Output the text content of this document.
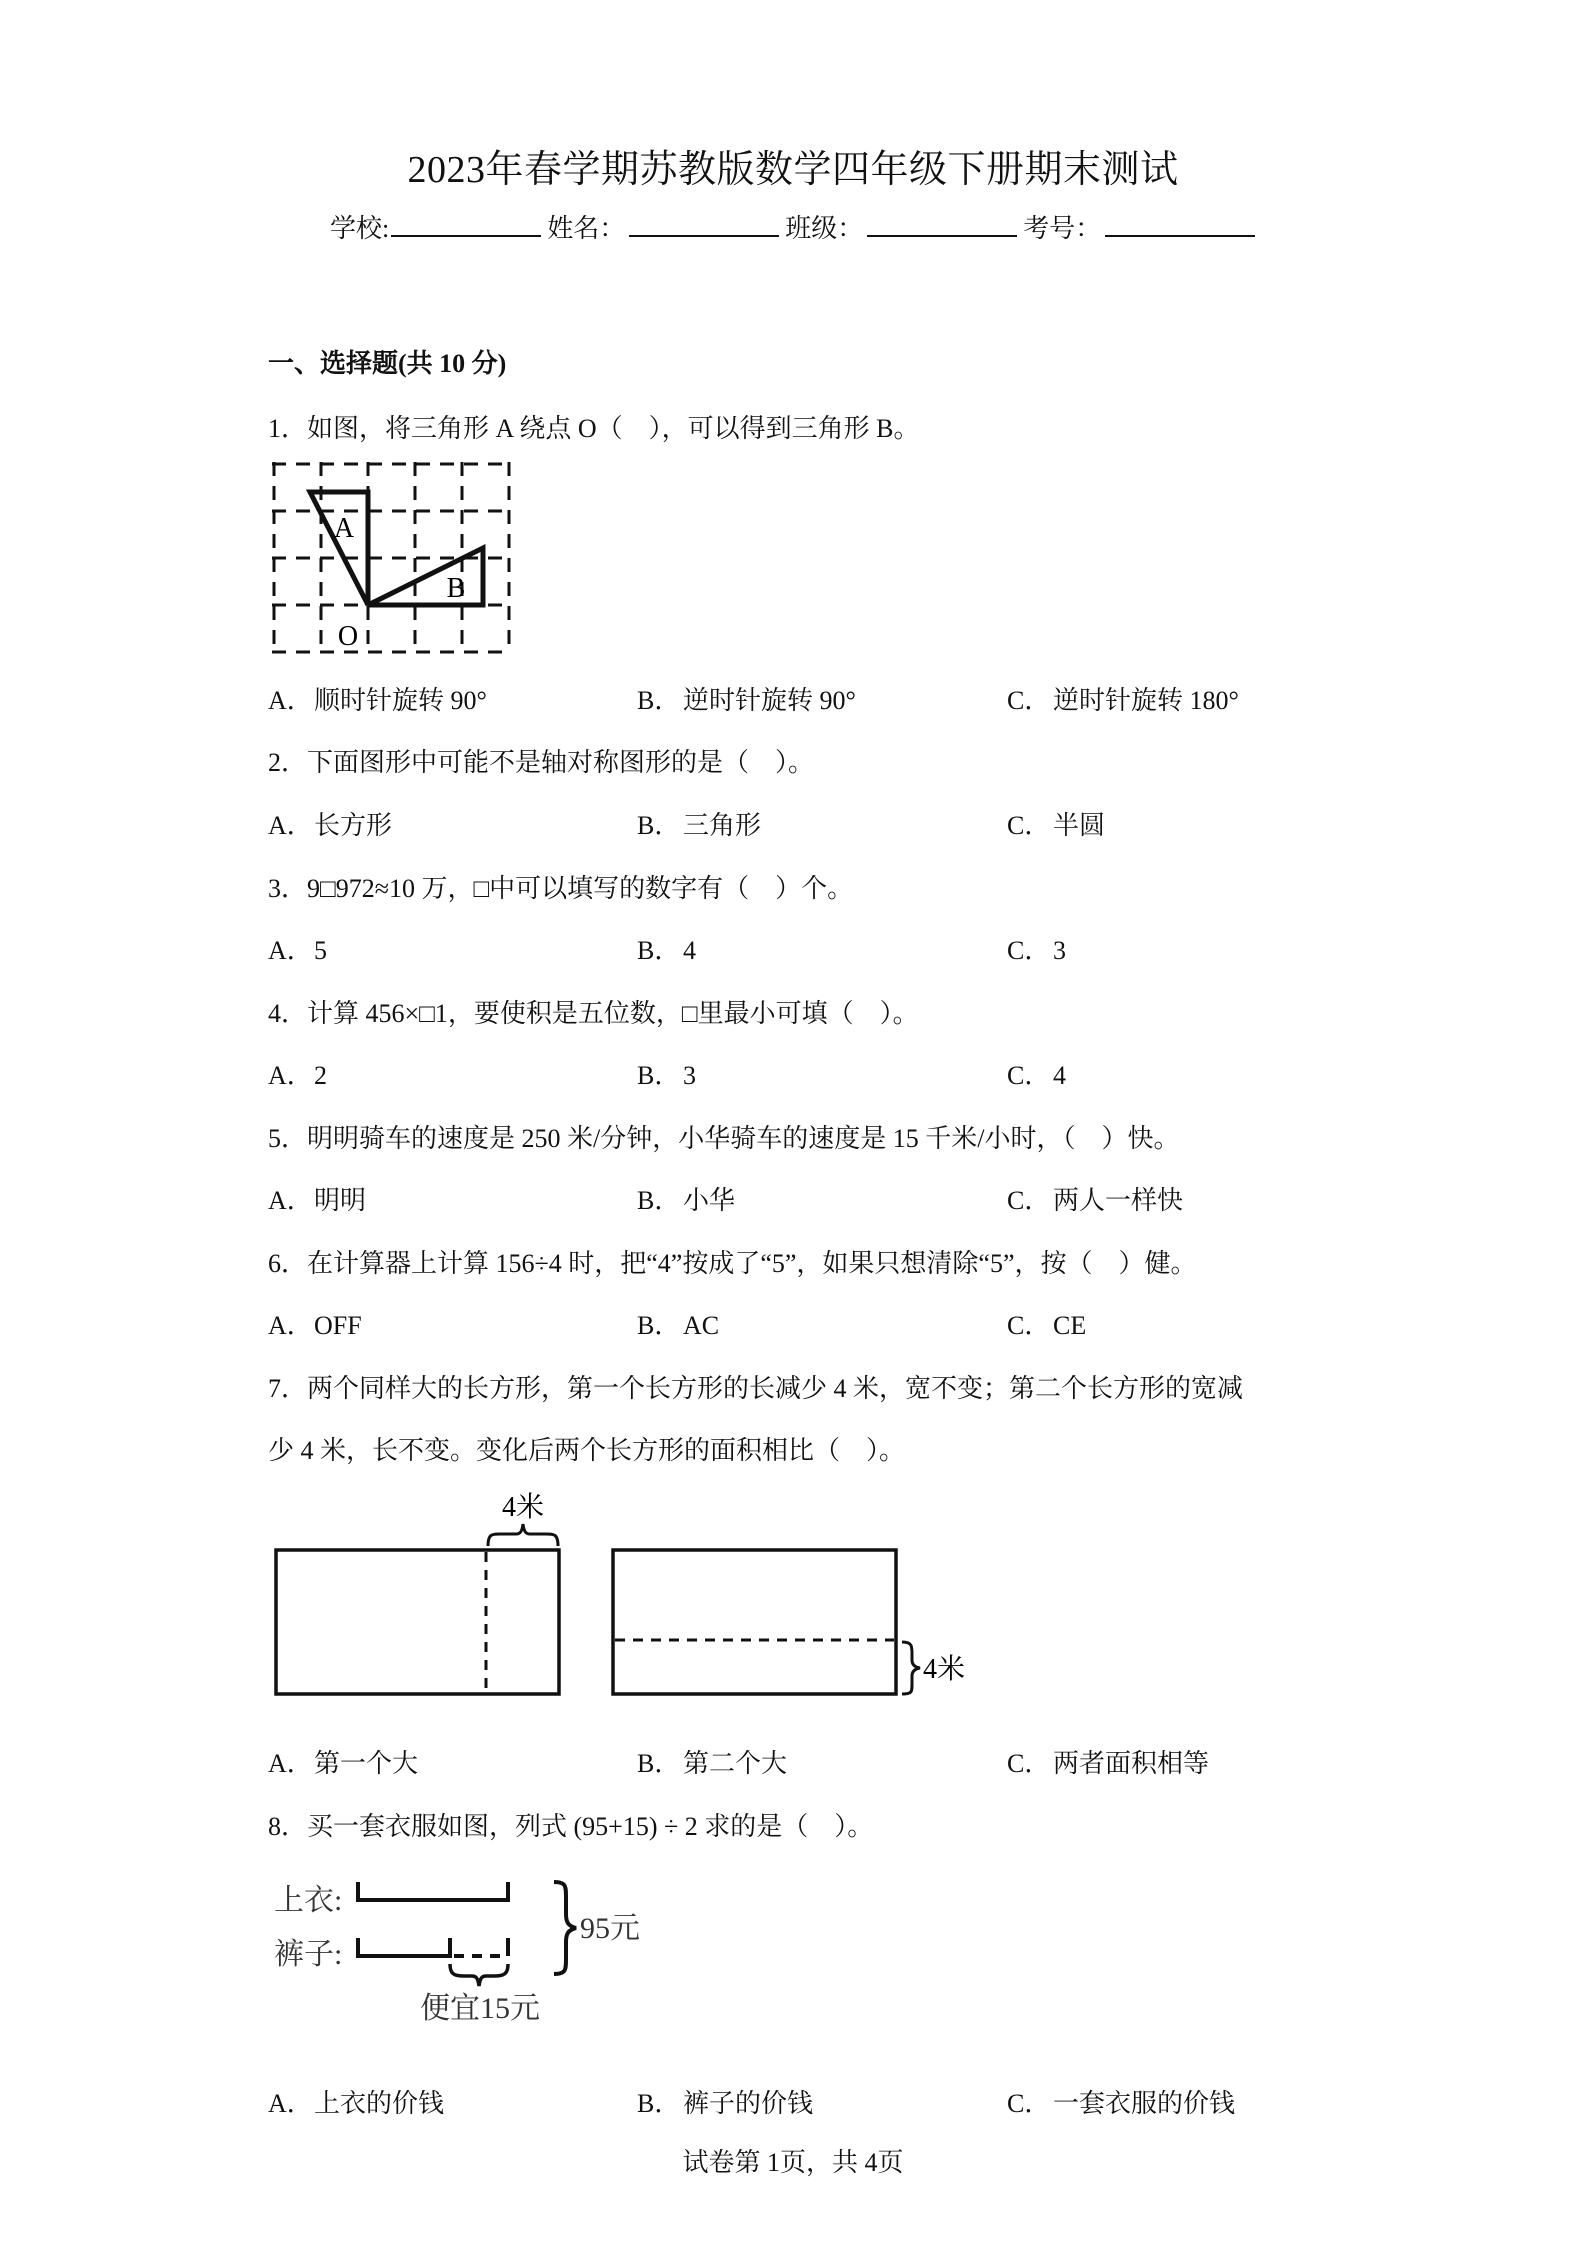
2023年春学期苏教版数学四年级下册期末测试
学校:	姓名：	班级：	考号：
一、选择题(共 10 分)
1．如图，将三角形 A 绕点 O（　），可以得到三角形 B。
A
B
O
A．顺时针旋转 90°	B． 逆时针旋转 90°	C． 逆时针旋转 180°
2．下面图形中可能不是轴对称图形的是（　）。
A．长方形	B． 三角形	C． 半圆
3．9□972≈10 万，□中可以填写的数字有（　）个。
A．5	B． 4	C． 3
4．计算 456×□1，要使积是五位数，□里最小可填（　）。
A．2	B． 3	C． 4
5．明明骑车的速度是 250 米/分钟，小华骑车的速度是 15 千米/小时，（　）快。
A．明明	B． 小华	C． 两人一样快
6．在计算器上计算 156÷4 时，把“4”按成了“5”，如果只想清除“5”，按（　）健。
A．OFF	B． AC	C． CE
7．两个同样大的长方形，第一个长方形的长减少 4 米，宽不变；第二个长方形的宽减
少 4 米，长不变。变化后两个长方形的面积相比（　）。
4米
4米
A．第一个大	B． 第二个大	C． 两者面积相等
8．买一套衣服如图，列式 (95+15) ÷ 2 求的是（　）。
上衣:
裤子:
便宜15元
95元
A．上衣的价钱	B． 裤子的价钱	C． 一套衣服的价钱
试卷第 1页，共 4页
